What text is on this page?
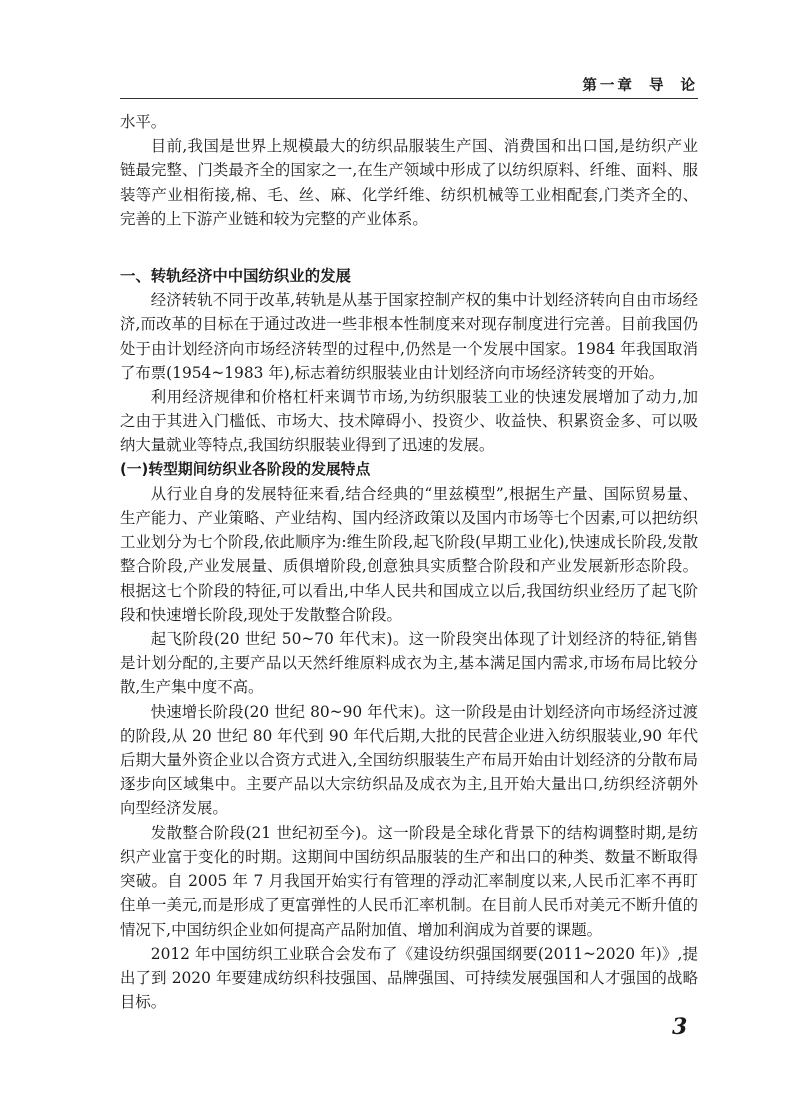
第一章 导 论

水平。

目前,我国是世界上规模最大的纺织品服装生产国、消费国和出口国,是纺织产业链最完整、门类最齐全的国家之一,在生产领域中形成了以纺织原料、纤维、面料、服装等产业相衔接,棉、毛、丝、麻、化学纤维、纺织机械等工业相配套,门类齐全的、完善的上下游产业链和较为完整的产业体系。

一、转轨经济中中国纺织业的发展

经济转轨不同于改革,转轨是从基于国家控制产权的集中计划经济转向自由市场经济,而改革的目标在于通过改进一些非根本性制度来对现存制度进行完善。目前我国仍处于由计划经济向市场经济转型的过程中,仍然是一个发展中国家。1984 年我国取消了布票(1954~1983 年),标志着纺织服装业由计划经济向市场经济转变的开始。

利用经济规律和价格杠杆来调节市场,为纺织服装工业的快速发展增加了动力,加之由于其进入门槛低、市场大、技术障碍小、投资少、收益快、积累资金多、可以吸纳大量就业等特点,我国纺织服装业得到了迅速的发展。

(一)转型期间纺织业各阶段的发展特点

从行业自身的发展特征来看,结合经典的“里兹模型”,根据生产量、国际贸易量、生产能力、产业策略、产业结构、国内经济政策以及国内市场等七个因素,可以把纺织工业划分为七个阶段,依此顺序为:维生阶段,起飞阶段(早期工业化),快速成长阶段,发散整合阶段,产业发展量、质俱增阶段,创意独具实质整合阶段和产业发展新形态阶段。根据这七个阶段的特征,可以看出,中华人民共和国成立以后,我国纺织业经历了起飞阶段和快速增长阶段,现处于发散整合阶段。

起飞阶段(20 世纪 50~70 年代末)。这一阶段突出体现了计划经济的特征,销售是计划分配的,主要产品以天然纤维原料成衣为主,基本满足国内需求,市场布局比较分散,生产集中度不高。

快速增长阶段(20 世纪 80~90 年代末)。这一阶段是由计划经济向市场经济过渡的阶段,从 20 世纪 80 年代到 90 年代后期,大批的民营企业进入纺织服装业,90 年代后期大量外资企业以合资方式进入,全国纺织服装生产布局开始由计划经济的分散布局逐步向区域集中。主要产品以大宗纺织品及成衣为主,且开始大量出口,纺织经济朝外向型经济发展。

发散整合阶段(21 世纪初至今)。这一阶段是全球化背景下的结构调整时期,是纺织产业富于变化的时期。这期间中国纺织品服装的生产和出口的种类、数量不断取得突破。自 2005 年 7 月我国开始实行有管理的浮动汇率制度以来,人民币汇率不再盯住单一美元,而是形成了更富弹性的人民币汇率机制。在目前人民币对美元不断升值的情况下,中国纺织企业如何提高产品附加值、增加利润成为首要的课题。

2012 年中国纺织工业联合会发布了《建设纺织强国纲要(2011~2020 年)》,提出了到 2020 年要建成纺织科技强国、品牌强国、可持续发展强国和人才强国的战略目标。

3
